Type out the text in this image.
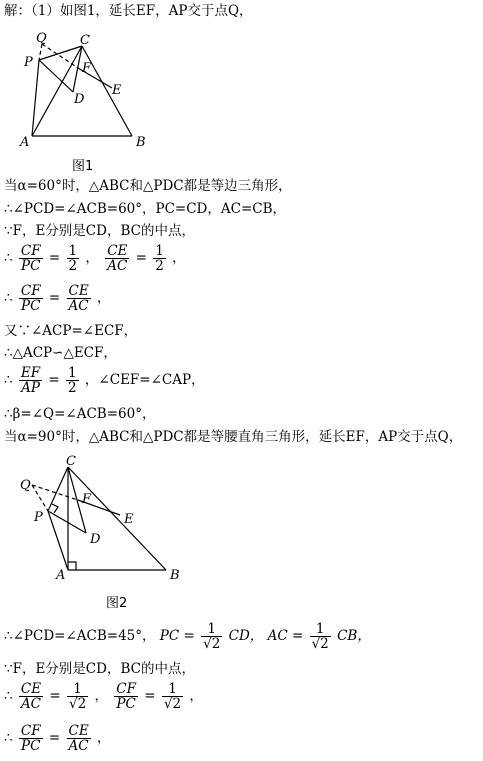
解：（1）如图1，延长EF，AP交于点Q，
Q	C
P	F
E
D
A	B
图1
当α=60°时，△ABC和△PDC都是等边三角形，
∴∠PCD=∠ACB=60°，PC=CD，AC=CB，
∵F，E分别是CD，BC的中点，
∴ $\frac{CF}{PC} = \frac{1}{2}$ ， $\frac{CE}{AC} = \frac{1}{2}$ ，
∴ $\frac{CF}{PC} = \frac{CE}{AC}$ ，
又∵∠ACP=∠ECF，
∴△ACP∽△ECF，
∴ $\frac{EF}{AP} = \frac{1}{2}$ ，∠CEF=∠CAP，
∴β=∠Q=∠ACB=60°，
当α=90°时，△ABC和△PDC都是等腰直角三角形，延长EF，AP交于点Q，
C
Q
F
P	E
D
A	B
图2
∴∠PCD=∠ACB=45°， PC = $\frac{1}{√2}$ CD， AC = $\frac{1}{√2}$ CB，
∵F，E分别是CD，BC的中点，
∴ $\frac{CE}{AC} = \frac{1}{√2}$ ， $\frac{CF}{PC} = \frac{1}{√2}$ ，
∴ $\frac{CF}{PC} = \frac{CE}{AC}$ ，
